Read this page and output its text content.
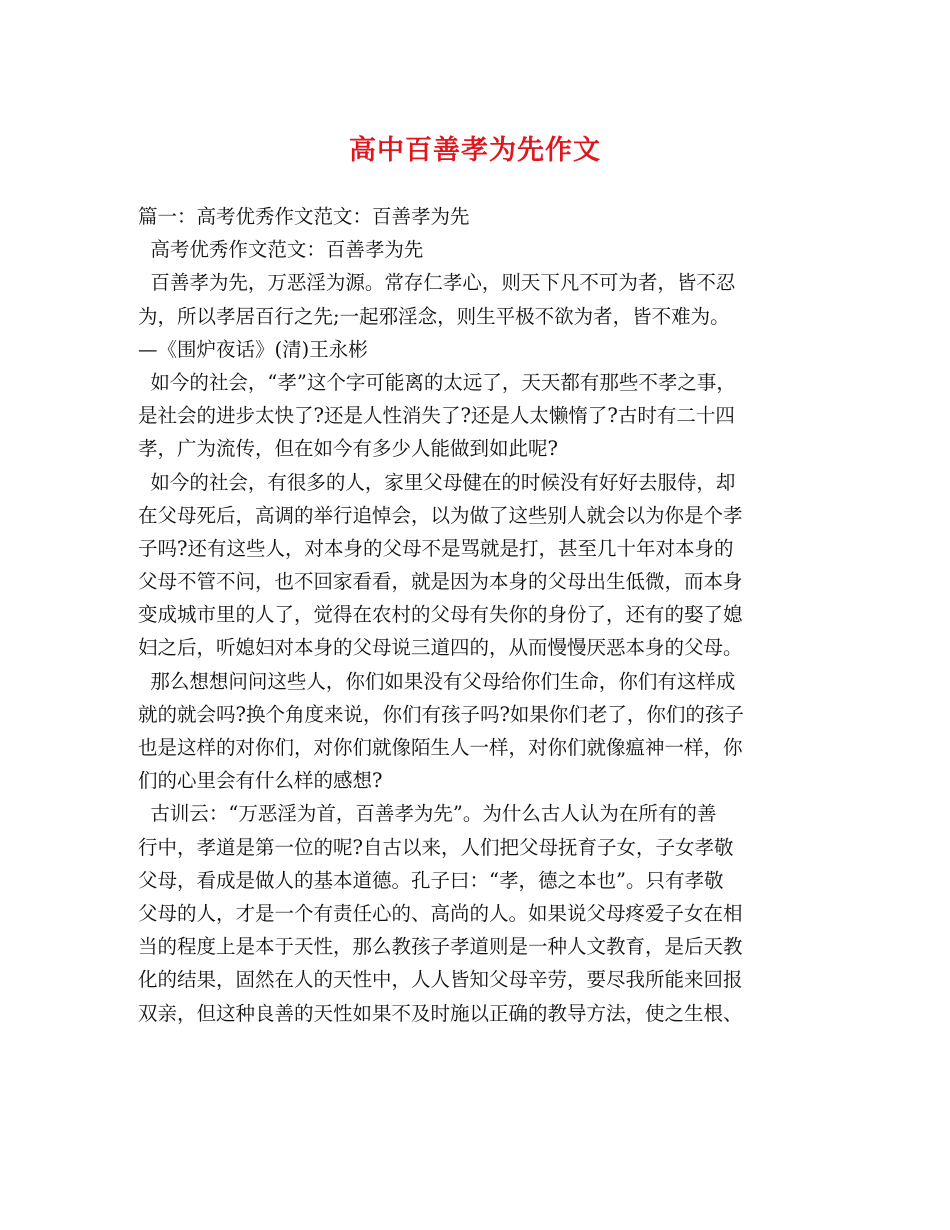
高中百善孝为先作文
篇一：高考优秀作文范文：百善孝为先
高考优秀作文范文：百善孝为先
百善孝为先，万恶淫为源。常存仁孝心，则天下凡不可为者，皆不忍
为，所以孝居百行之先;一起邪淫念，则生平极不欲为者，皆不难为。
—《围炉夜话》(清)王永彬
如今的社会，“孝”这个字可能离的太远了，天天都有那些不孝之事，
是社会的进步太快了?还是人性消失了?还是人太懒惰了?古时有二十四
孝，广为流传，但在如今有多少人能做到如此呢?
如今的社会，有很多的人，家里父母健在的时候没有好好去服侍，却
在父母死后，高调的举行追悼会，以为做了这些别人就会以为你是个孝
子吗?还有这些人，对本身的父母不是骂就是打，甚至几十年对本身的
父母不管不问，也不回家看看，就是因为本身的父母出生低微，而本身
变成城市里的人了，觉得在农村的父母有失你的身份了，还有的娶了媳
妇之后，听媳妇对本身的父母说三道四的，从而慢慢厌恶本身的父母。
那么想想问问这些人，你们如果没有父母给你们生命，你们有这样成
就的就会吗?换个角度来说，你们有孩子吗?如果你们老了，你们的孩子
也是这样的对你们，对你们就像陌生人一样，对你们就像瘟神一样，你
们的心里会有什么样的感想?
古训云：“万恶淫为首，百善孝为先”。为什么古人认为在所有的善
行中，孝道是第一位的呢?自古以来，人们把父母抚育子女，子女孝敬
父母，看成是做人的基本道德。孔子曰：“孝，德之本也”。只有孝敬
父母的人，才是一个有责任心的、高尚的人。如果说父母疼爱子女在相
当的程度上是本于天性，那么教孩子孝道则是一种人文教育，是后天教
化的结果，固然在人的天性中，人人皆知父母辛劳，要尽我所能来回报
双亲，但这种良善的天性如果不及时施以正确的教导方法，使之生根、
